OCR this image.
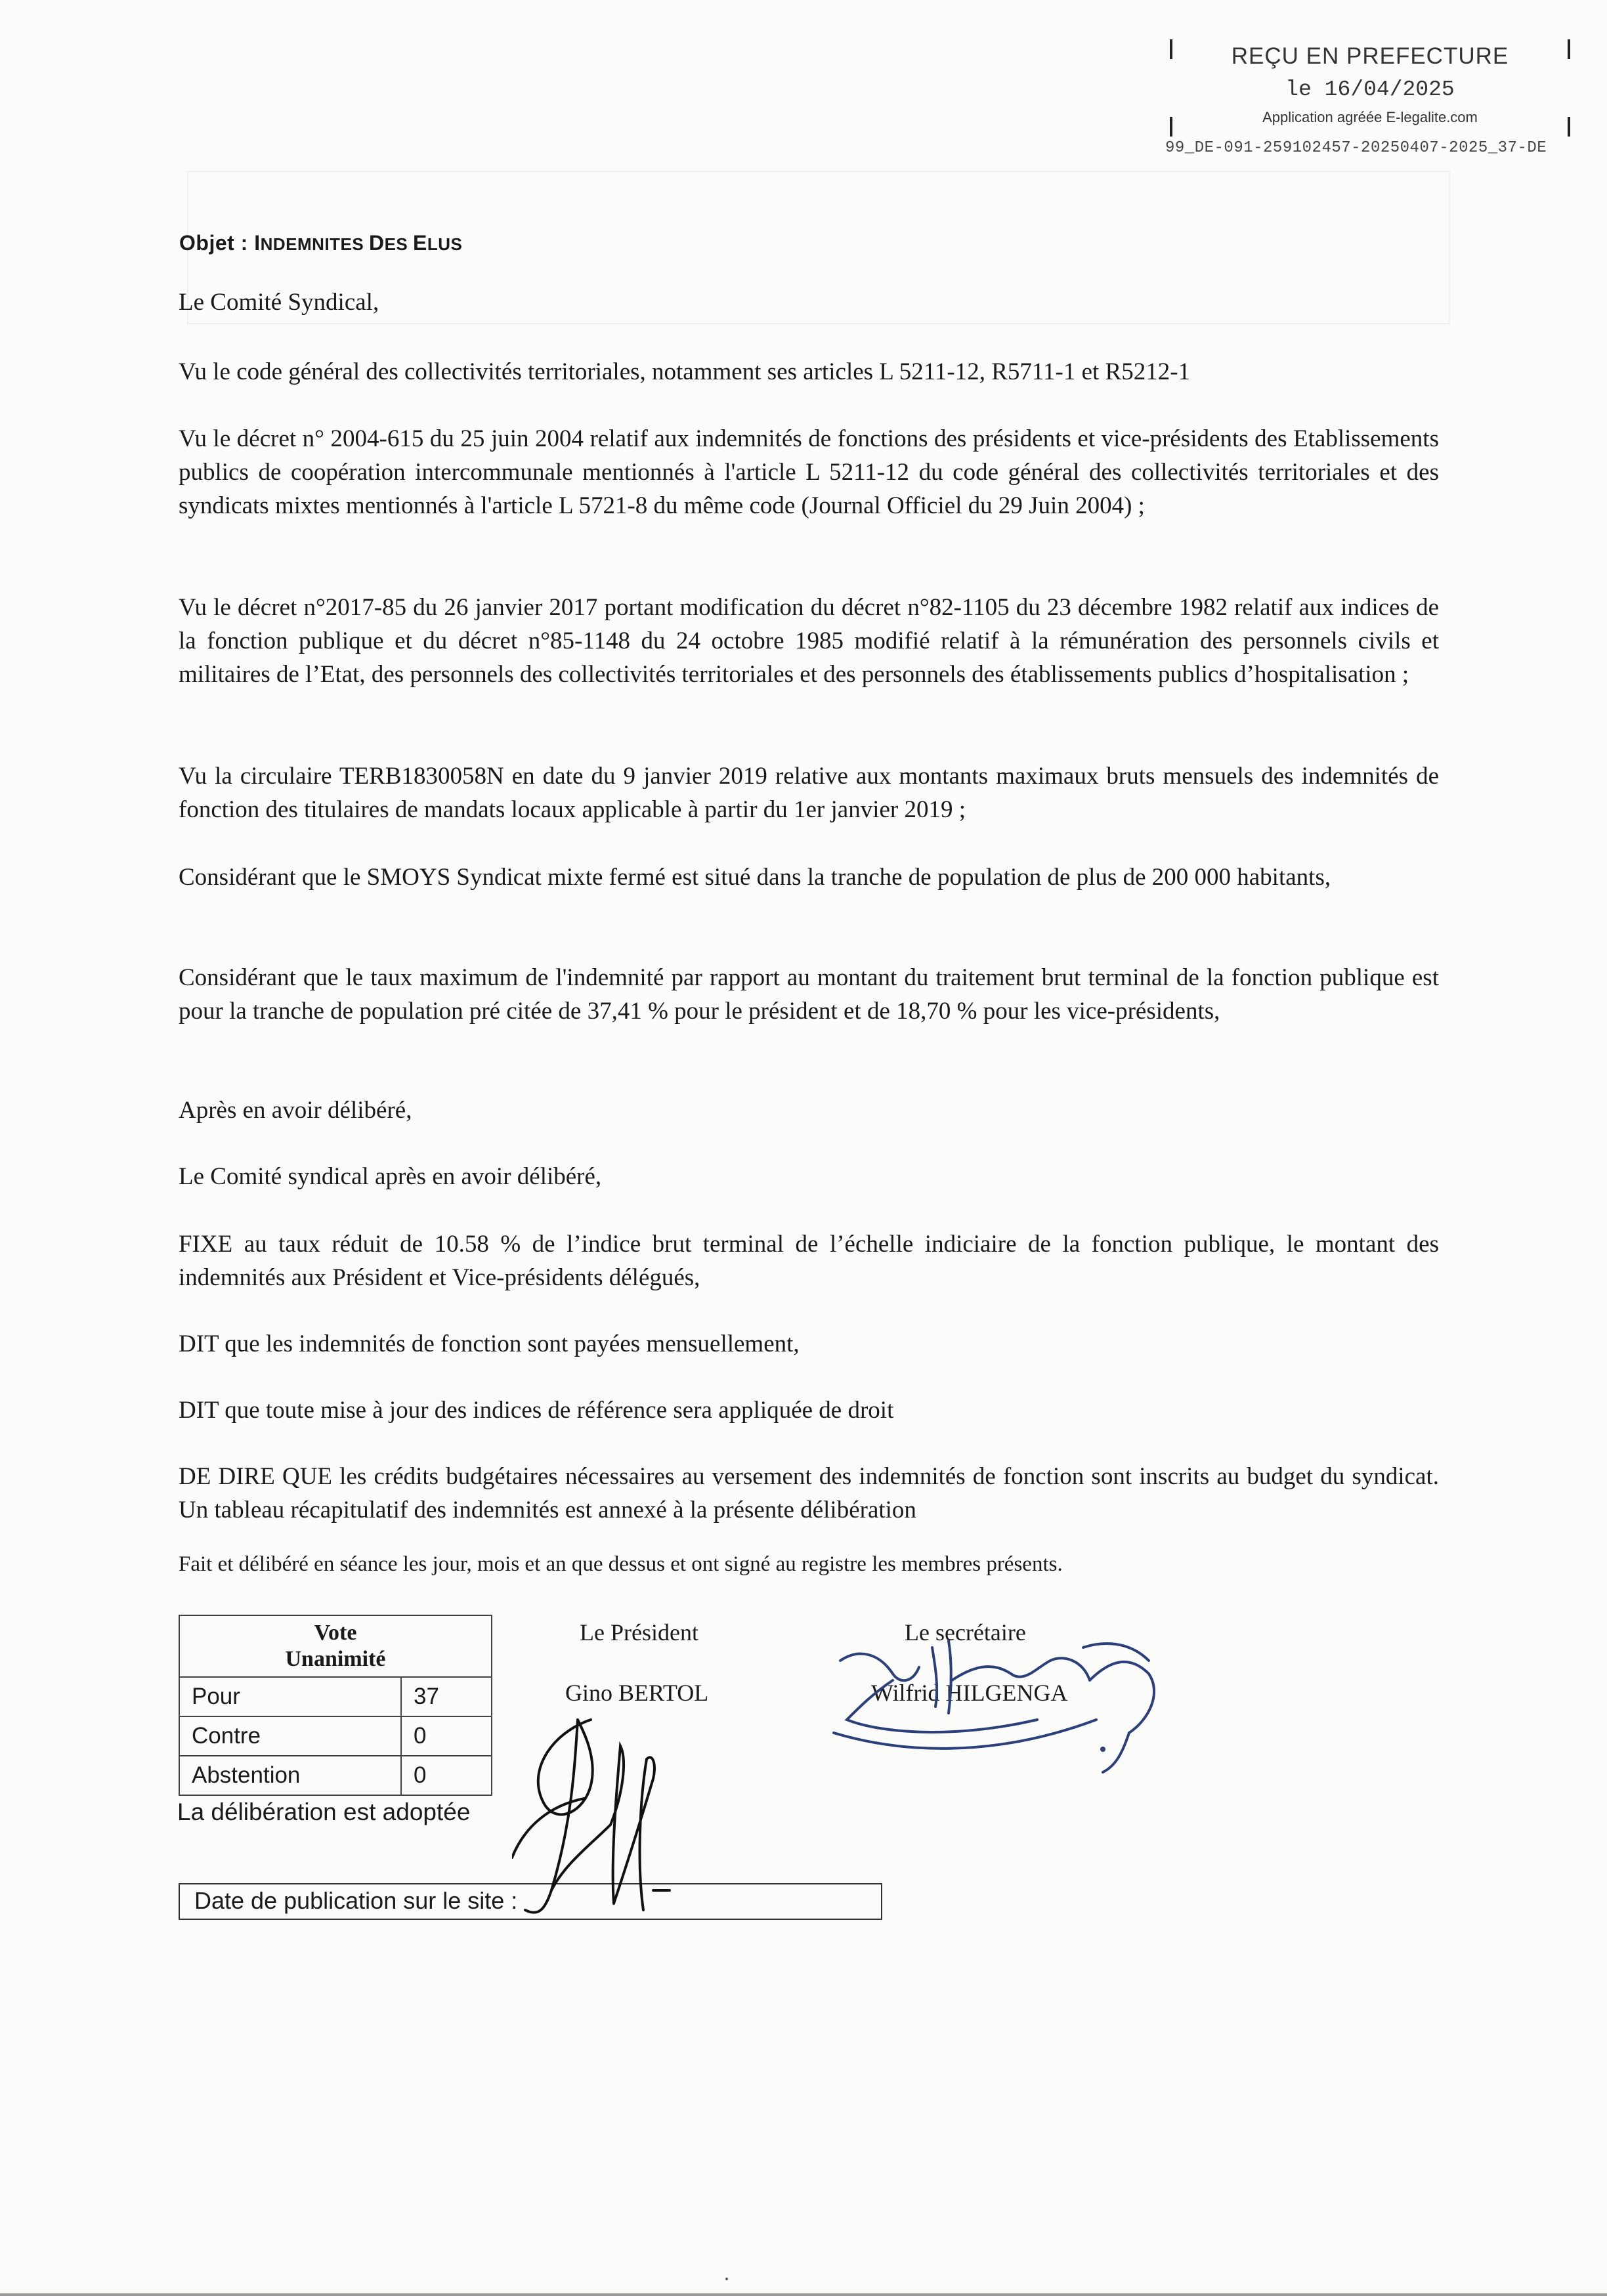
REÇU EN PREFECTURE
le 16/04/2025
Application agréée E-legalite.com
99_DE-091-259102457-20250407-2025_37-DE
Objet : INDEMNITES DES ELUS
Le Comité Syndical,
Vu le code général des collectivités territoriales, notamment ses articles L 5211-12, R5711-1 et R5212-1
Vu le décret n° 2004-615 du 25 juin 2004 relatif aux indemnités de fonctions des présidents et vice-présidents des Etablissements publics de coopération intercommunale mentionnés à l'article L 5211-12 du code général des collectivités territoriales et des syndicats mixtes mentionnés à l'article L 5721-8 du même code (Journal Officiel du 29 Juin 2004) ;
Vu le décret n°2017-85 du 26 janvier 2017 portant modification du décret n°82-1105 du 23 décembre 1982 relatif aux indices de la fonction publique et du décret n°85-1148 du 24 octobre 1985 modifié relatif à la rémunération des personnels civils et militaires de l’Etat, des personnels des collectivités territoriales et des personnels des établissements publics d’hospitalisation ;
Vu la circulaire TERB1830058N en date du 9 janvier 2019 relative aux montants maximaux bruts mensuels des indemnités de fonction des titulaires de mandats locaux applicable à partir du 1er janvier 2019 ;
Considérant que le SMOYS Syndicat mixte fermé est situé dans la tranche de population de plus de 200 000 habitants,
Considérant que le taux maximum de l'indemnité par rapport au montant du traitement brut terminal de la fonction publique est pour la tranche de population pré citée de 37,41 % pour le président et de 18,70 % pour les vice-présidents,
Après en avoir délibéré,
Le Comité syndical après en avoir délibéré,
FIXE au taux réduit de 10.58 % de l’indice brut terminal de l’échelle indiciaire de la fonction publique, le montant des indemnités aux Président et Vice-présidents délégués,
DIT que les indemnités de fonction sont payées mensuellement,
DIT que toute mise à jour des indices de référence sera appliquée de droit
DE DIRE QUE les crédits budgétaires nécessaires au versement des indemnités de fonction sont inscrits au budget du syndicat. Un tableau récapitulatif des indemnités est annexé à la présente délibération
Fait et délibéré en séance les jour, mois et an que dessus et ont signé au registre les membres présents.
Vote
Unanimité	
Pour	37
Contre	0
Abstention	0
La délibération est adoptée
Le Président
Gino BERTOL
Le secrétaire
Wilfrid HILGENGA
Date de publication sur le site :
